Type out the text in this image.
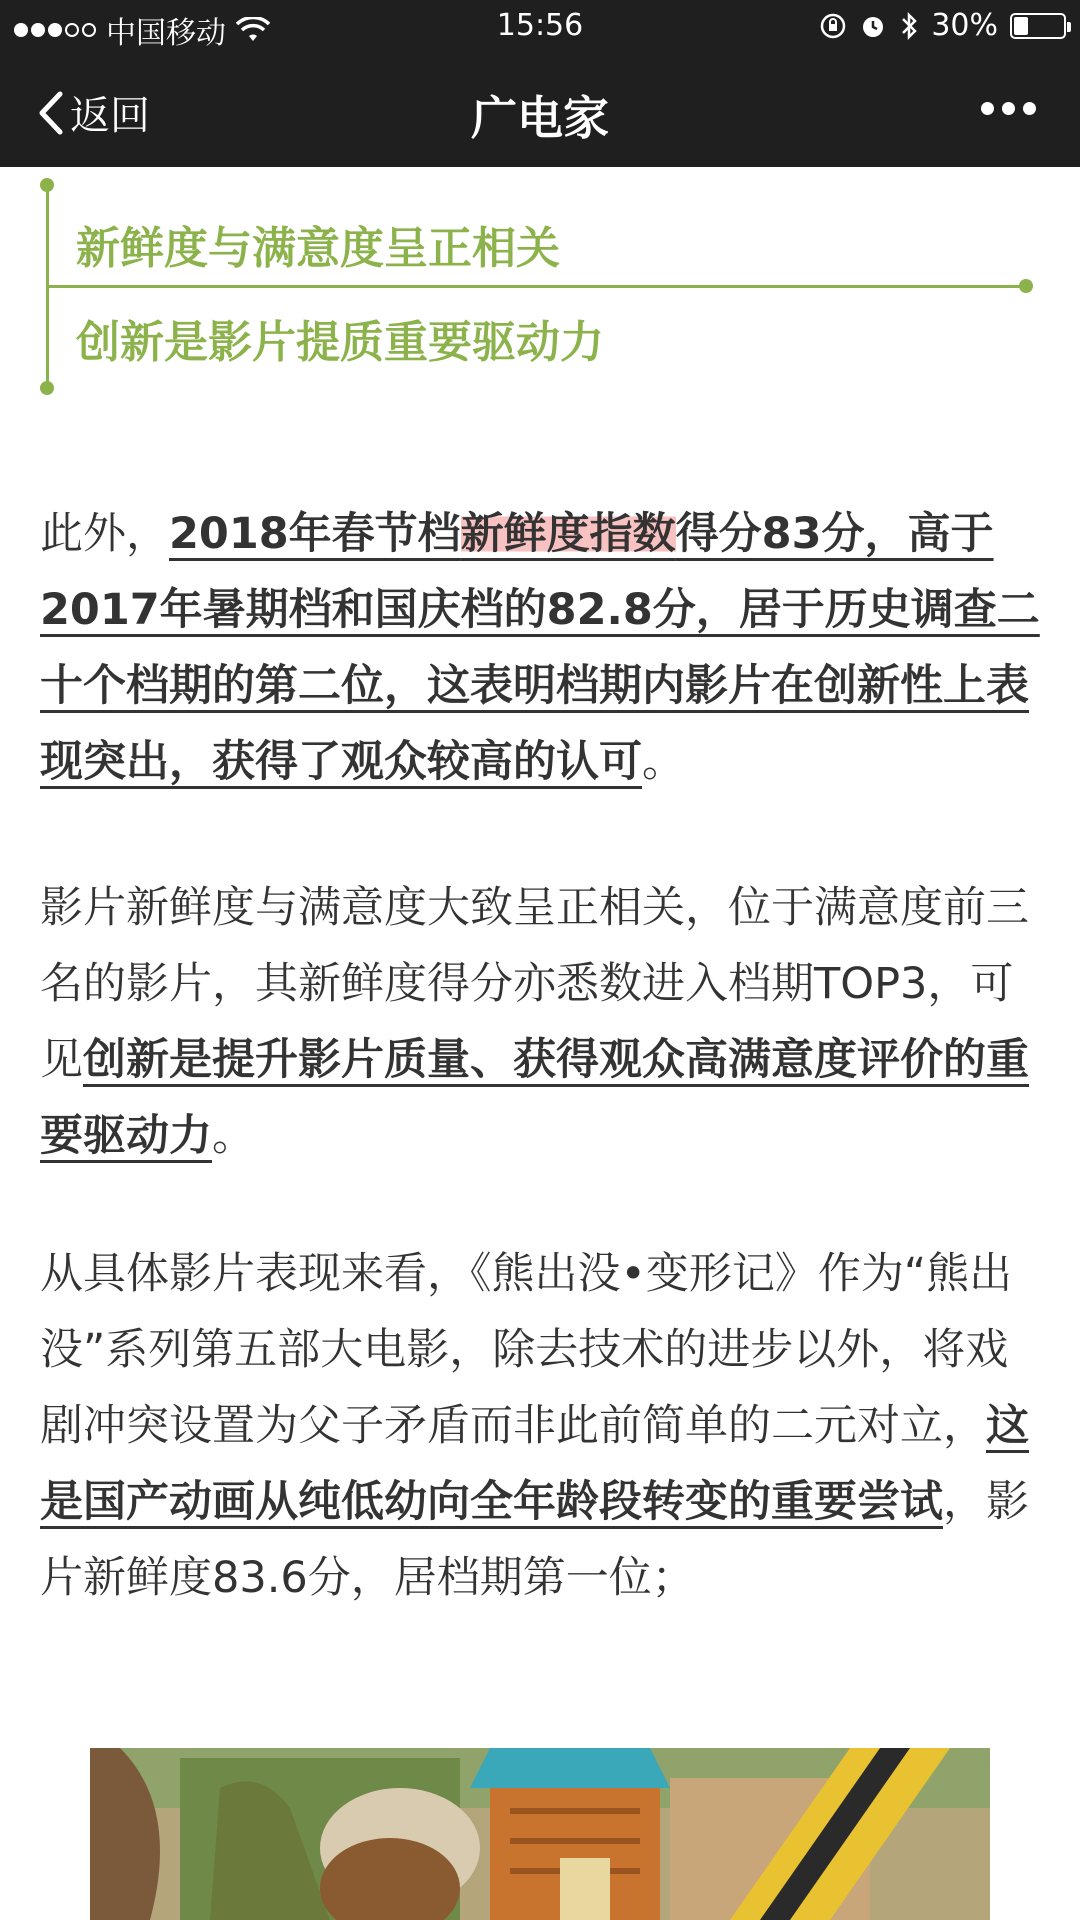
中国移动	15:56	30%
返回	广电家
新鲜度与满意度呈正相关
创新是影片提质重要驱动力

此外，2018年春节档新鲜度指数得分83分，高于2017年暑期档和国庆档的82.8分，居于历史调查二十个档期的第二位，这表明档期内影片在创新性上表现突出，获得了观众较高的认可。

影片新鲜度与满意度大致呈正相关，位于满意度前三名的影片，其新鲜度得分亦悉数进入档期TOP3，可见创新是提升影片质量、获得观众高满意度评价的重要驱动力。

从具体影片表现来看，《熊出没•变形记》作为“熊出没”系列第五部大电影，除去技术的进步以外，将戏剧冲突设置为父子矛盾而非此前简单的二元对立，这是国产动画从纯低幼向全年龄段转变的重要尝试，影片新鲜度83.6分，居档期第一位；
